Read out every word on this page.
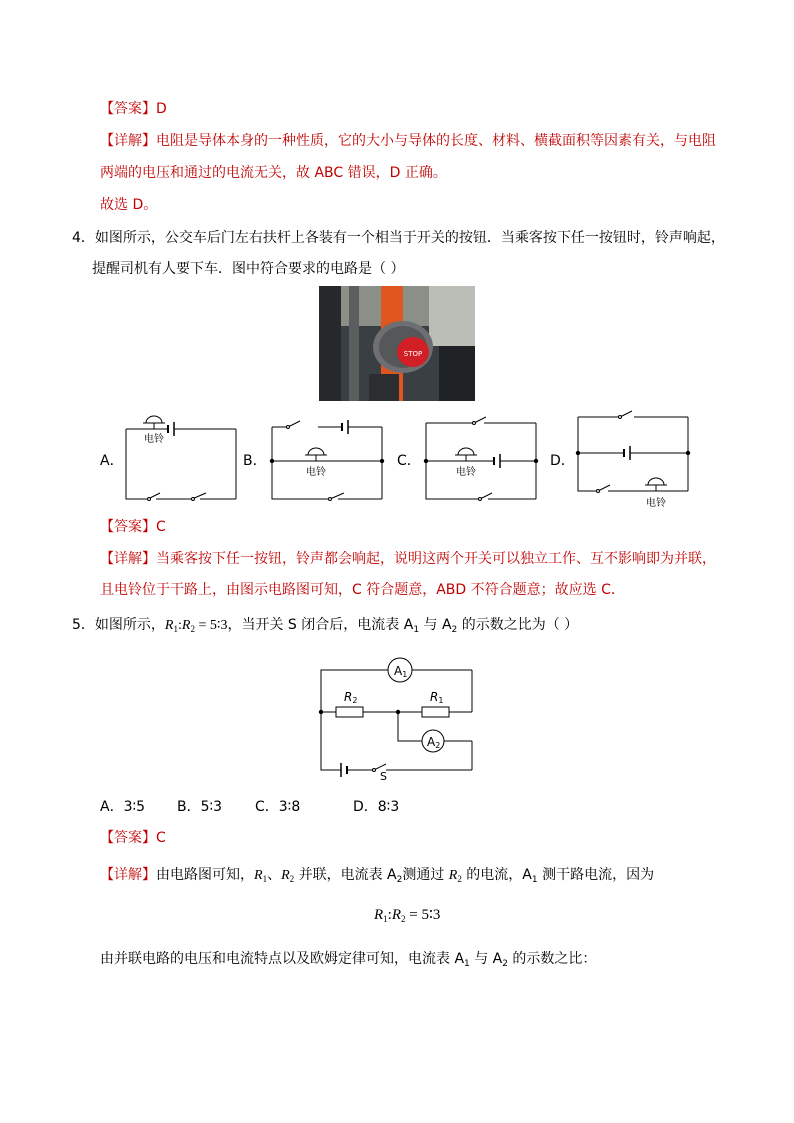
【答案】D
【详解】电阻是导体本身的一种性质，它的大小与导体的长度、材料、横截面积等因素有关，与电阻
两端的电压和通过的电流无关，故 ABC 错误，D 正确。
故选 D。
4．如图所示，公交车后门左右扶杆上各装有一个相当于开关的按钮．当乘客按下任一按钮时，铃声响起，
提醒司机有人要下车．图中符合要求的电路是（ ）
STOP
A．
电铃
B．
电铃
C．
电铃
D．
电铃
【答案】C
【详解】当乘客按下任一按钮，铃声都会响起，说明这两个开关可以独立工作、互不影响即为并联，
且电铃位于干路上，由图示电路图可知，C 符合题意，ABD 不符合题意；故应选 C．
5．如图所示，$R_1:R_2$ = 5∶3，当开关 S 闭合后，电流表 $A_1$ 与 $A_2$ 的示数之比为（ ）
A1
A2
R2	R1
S
A．3∶5 B．5∶3 C．3∶8	D．8∶3
【答案】C
【详解】由电路图可知，$R_1$、$R_2$ 并联，电流表 $A_2$测通过 $R_2$ 的电流，$A_1$ 测干路电流，因为
$R_1:R_2$ = 5∶3
由并联电路的电压和电流特点以及欧姆定律可知，电流表 $A_1$ 与 $A_2$ 的示数之比：
